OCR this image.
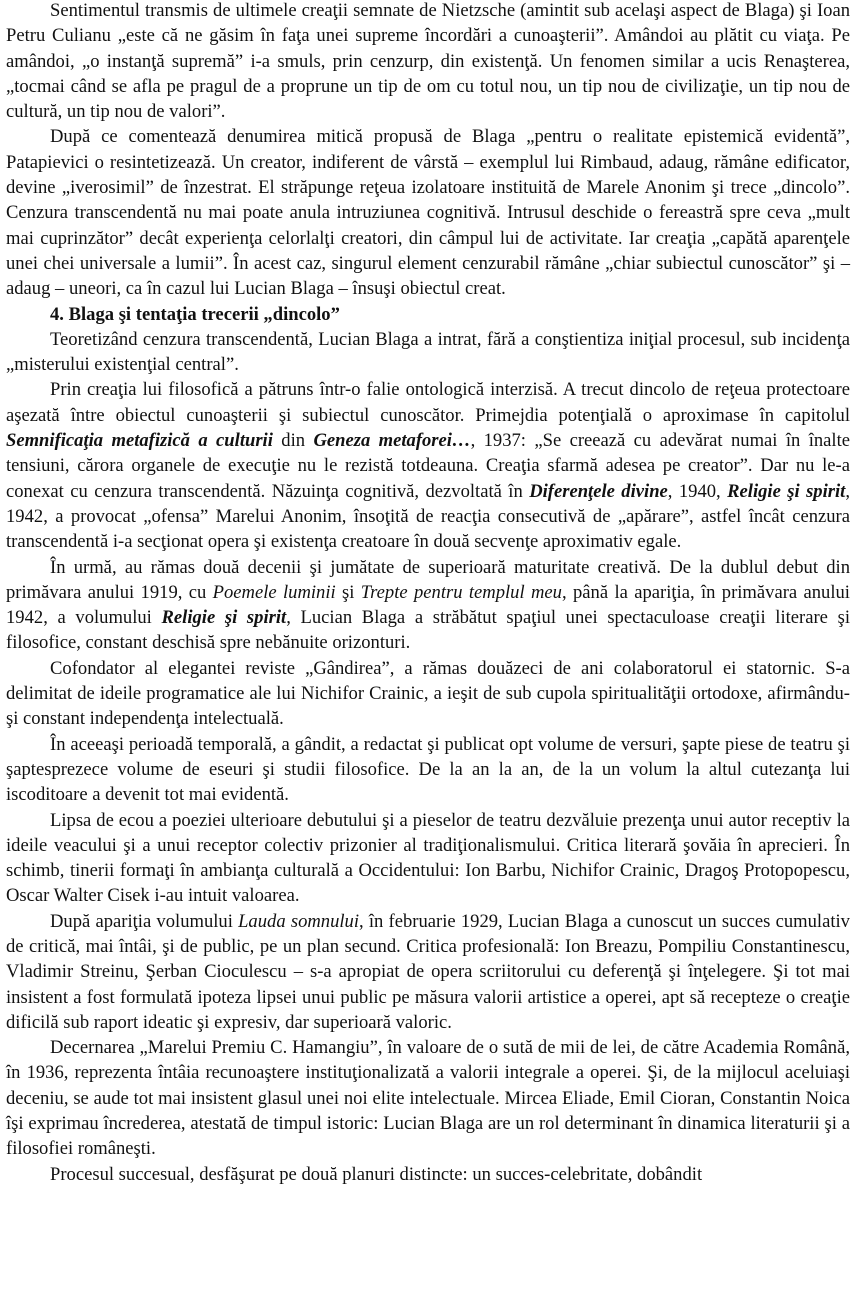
Sentimentul transmis de ultimele creaţii semnate de Nietzsche (amintit sub acelaşi aspect de Blaga) şi Ioan Petru Culianu „este că ne găsim în faţa unei supreme încordări a cunoaşterii”. Amândoi au plătit cu viaţa. Pe amândoi, „o instanţă supremă” i-a smuls, prin cenzurp, din existenţă. Un fenomen similar a ucis Renaşterea, „tocmai când se afla pe pragul de a proprune un tip de om cu totul nou, un tip nou de civilizaţie, un tip nou de cultură, un tip nou de valori”.

După ce comentează denumirea mitică propusă de Blaga „pentru o realitate epistemică evidentă”, Patapievici o resintetizează. Un creator, indiferent de vârstă – exemplul lui Rimbaud, adaug, rămâne edificator, devine „iverosimil” de înzestrat. El străpunge reţeua izolatoare instituită de Marele Anonim şi trece „dincolo”. Cenzura transcendentă nu mai poate anula intruziunea cognitivă. Intrusul deschide o fereastră spre ceva „mult mai cuprinzător” decât experienţa celorlalţi creatori, din câmpul lui de activitate. Iar creaţia „capătă aparenţele unei chei universale a lumii”. În acest caz, singurul element cenzurabil rămâne „chiar subiectul cunoscător” şi – adaug – uneori, ca în cazul lui Lucian Blaga – însuşi obiectul creat.

4. Blaga şi tentaţia trecerii „dincolo”

Teoretizând cenzura transcendentă, Lucian Blaga a intrat, fără a conştientiza iniţial procesul, sub incidenţa „misterului existenţial central”.

Prin creaţia lui filosofică a pătruns într-o falie ontologică interzisă. A trecut dincolo de reţeua protectoare aşezată între obiectul cunoaşterii şi subiectul cunoscător. Primejdia potenţială o aproximase în capitolul Semnificaţia metafizică a culturii din Geneza metaforei…, 1937: „Se creează cu adevărat numai în înalte tensiuni, cărora organele de execuţie nu le rezistă totdeauna. Creaţia sfarmă adesea pe creator”. Dar nu le-a conexat cu cenzura transcendentă. Năzuinţa cognitivă, dezvoltată în Diferenţele divine, 1940, Religie şi spirit, 1942, a provocat „ofensa” Marelui Anonim, însoţită de reacţia consecutivă de „apărare”, astfel încât cenzura transcendentă i-a secţionat opera şi existenţa creatoare în două secvenţe aproximativ egale.

În urmă, au rămas două decenii şi jumătate de superioară maturitate creativă. De la dublul debut din primăvara anului 1919, cu Poemele luminii şi Trepte pentru templul meu, până la apariţia, în primăvara anului 1942, a volumului Religie şi spirit, Lucian Blaga a străbătut spaţiul unei spectaculoase creaţii literare şi filosofice, constant deschisă spre nebănuite orizonturi.

Cofondator al elegantei reviste „Gândirea”, a rămas douăzeci de ani colaboratorul ei statornic. S-a delimitat de ideile programatice ale lui Nichifor Crainic, a ieşit de sub cupola spiritualităţii ortodoxe, afirmându-şi constant independenţa intelectuală.

În aceeaşi perioadă temporală, a gândit, a redactat şi publicat opt volume de versuri, şapte piese de teatru şi şaptesprezece volume de eseuri şi studii filosofice. De la an la an, de la un volum la altul cutezanţa lui iscoditoare a devenit tot mai evidentă.

Lipsa de ecou a poeziei ulterioare debutului şi a pieselor de teatru dezvăluie prezenţa unui autor receptiv la ideile veacului şi a unui receptor colectiv prizonier al tradiţionalismului. Critica literară şovăia în aprecieri. În schimb, tinerii formaţi în ambianţa culturală a Occidentului: Ion Barbu, Nichifor Crainic, Dragoş Protopopescu, Oscar Walter Cisek i-au intuit valoarea.

După apariţia volumului Lauda somnului, în februarie 1929, Lucian Blaga a cunoscut un succes cumulativ de critică, mai întâi, şi de public, pe un plan secund. Critica profesională: Ion Breazu, Pompiliu Constantinescu, Vladimir Streinu, Şerban Cioculescu – s-a apropiat de opera scriitorului cu deferenţă şi înţelegere. Şi tot mai insistent a fost formulată ipoteza lipsei unui public pe măsura valorii artistice a operei, apt să recepteze o creaţie dificilă sub raport ideatic şi expresiv, dar superioară valoric.

Decernarea „Marelui Premiu C. Hamangiu”, în valoare de o sută de mii de lei, de către Academia Română, în 1936, reprezenta întâia recunoaştere instituţionalizată a valorii integrale a operei. Şi, de la mijlocul aceluiaşi deceniu, se aude tot mai insistent glasul unei noi elite intelectuale. Mircea Eliade, Emil Cioran, Constantin Noica îşi exprimau încrederea, atestată de timpul istoric: Lucian Blaga are un rol determinant în dinamica literaturii şi a filosofiei româneşti.

Procesul succesual, desfăşurat pe două planuri distincte: un succes-celebritate, dobândit
